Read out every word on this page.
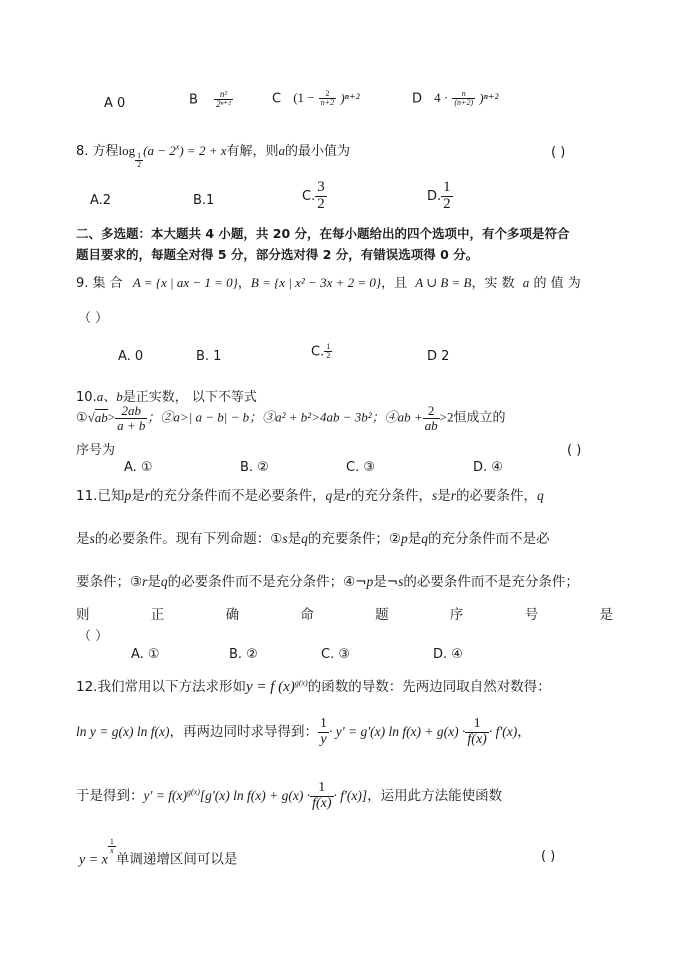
A 0	B $\frac{\text{n²}}{\text{2ⁿ⁺²}}$	C $(1 - \frac{2}{n+2} )^{n+2}$	D $4 \cdot \frac{n}{(n+2)} )^{n+2}$
8. 方程log
$\frac{1}{2}$
$(a - 2^x) = 2 + x$有解，则a的最小值为	( )
A.2	B.1	C. $\frac{3}{2}$	D. $\frac{1}{2}$
二、多选题：本大题共 4 小题，共 20 分，在每小题给出的四个选项中，有个多项是符合
题目要求的，每题全对得 5 分，部分选对得 2 分，有错误选项得 0 分。
9. 集 合 A = {x | ax − 1 = 0}，B = {x | x² − 3x + 2 = 0}，且 A ∪ B = B，实 数 a 的 值 为
（ ）
A. 0	B. 1	C. $\frac{1}{2}$	D 2
10.a、b是正实数， 以下不等式
①√ab> $\frac{2ab}{a + b}$ ；②a>| a − b| − b；③a² + b²>4ab − 3b²；④ab + $\frac{2}{ab} >2$恒成立的
序号为	( )
A. ①	B. ②	C. ③	D. ④
11.已知p是r的充分条件而不是必要条件，q是r的充分条件，s是r的必要条件，q
是s的必要条件。现有下列命题：①s是q的充要条件；②p是q的充分条件而不是必
要条件；③r是q的必要条件而不是充分条件；④¬p是¬s的必要条件而不是充分条件；
则	正	确	命	题	序	号	是
（ ）
A. ①	B. ②	C. ③	D. ④
12.我们常用以下方法求形如y = f $(x)^{g(x)}$的函数的导数：先两边同取自然对数得：
ln y = g(x) ln f(x)，再两边同时求导得到： $\frac{1}{y} \cdot y' = g'(x)$ $\ln f(x) + g(x) \cdot \frac{1}{f(x)} \cdot f'(x)$，
于是得到：$y' = f(x)^{g(x)}[g'(x)$ $\ln f(x) + g(x) \cdot \frac{1}{f(x)} \cdot f'(x)$]，运用此方法能使函数
y = x
$\frac{1}{x}$
单调递增区间可以是	( )
